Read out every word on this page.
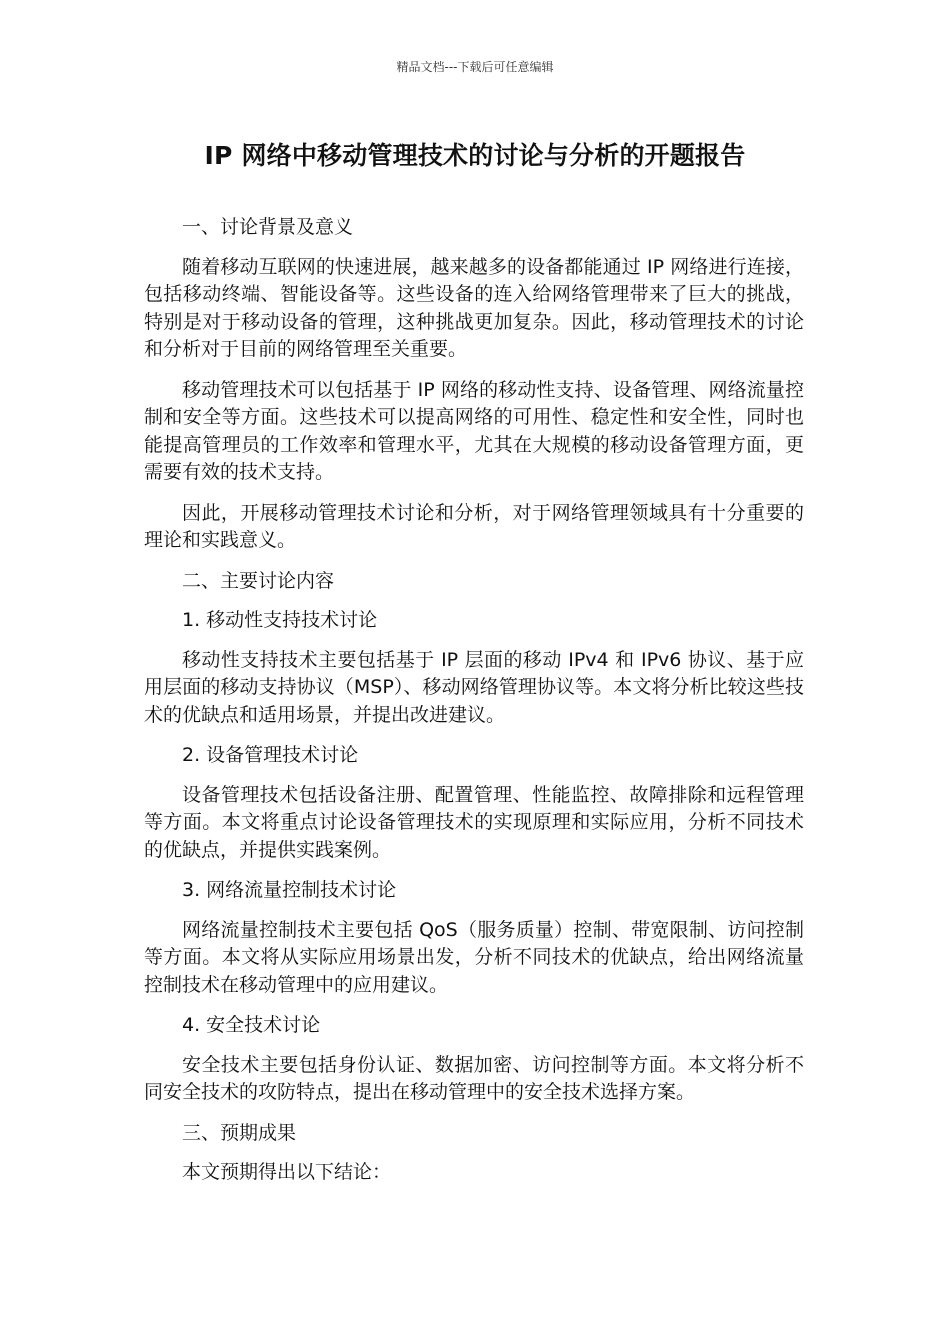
精品文档---下载后可任意编辑
IP 网络中移动管理技术的讨论与分析的开题报告

一、讨论背景及意义

随着移动互联网的快速进展，越来越多的设备都能通过 IP 网络进行连接，包括移动终端、智能设备等。这些设备的连入给网络管理带来了巨大的挑战，特别是对于移动设备的管理，这种挑战更加复杂。因此，移动管理技术的讨论和分析对于目前的网络管理至关重要。

移动管理技术可以包括基于 IP 网络的移动性支持、设备管理、网络流量控制和安全等方面。这些技术可以提高网络的可用性、稳定性和安全性，同时也能提高管理员的工作效率和管理水平，尤其在大规模的移动设备管理方面，更需要有效的技术支持。

因此，开展移动管理技术讨论和分析，对于网络管理领域具有十分重要的理论和实践意义。

二、主要讨论内容

1. 移动性支持技术讨论

移动性支持技术主要包括基于 IP 层面的移动 IPv4 和 IPv6 协议、基于应用层面的移动支持协议（MSP）、移动网络管理协议等。本文将分析比较这些技术的优缺点和适用场景，并提出改进建议。

2. 设备管理技术讨论

设备管理技术包括设备注册、配置管理、性能监控、故障排除和远程管理等方面。本文将重点讨论设备管理技术的实现原理和实际应用，分析不同技术的优缺点，并提供实践案例。

3. 网络流量控制技术讨论

网络流量控制技术主要包括 QoS（服务质量）控制、带宽限制、访问控制等方面。本文将从实际应用场景出发，分析不同技术的优缺点，给出网络流量控制技术在移动管理中的应用建议。

4. 安全技术讨论

安全技术主要包括身份认证、数据加密、访问控制等方面。本文将分析不同安全技术的攻防特点，提出在移动管理中的安全技术选择方案。

三、预期成果

本文预期得出以下结论：
